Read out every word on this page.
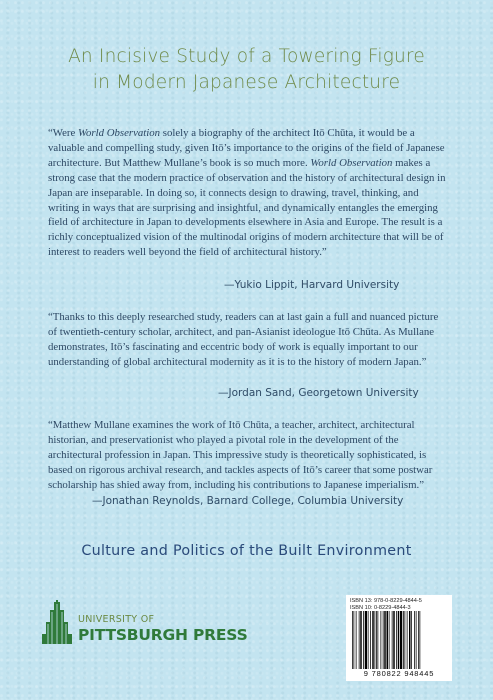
An Incisive Study of a Towering Figure
in Modern Japanese Architecture
“Were World Observation solely a biography of the architect Itō Chūta, it would be a valuable and compelling study, given Itō’s importance to the origins of the field of Japanese architecture. But Matthew Mullane’s book is so much more. World Observation makes a strong case that the modern practice of observation and the history of architectural design in Japan are inseparable. In doing so, it connects design to drawing, travel, thinking, and writing in ways that are surprising and insightful, and dynamically entangles the emerging field of architecture in Japan to developments elsewhere in Asia and Europe. The result is a richly conceptualized vision of the multinodal origins of modern architecture that will be of interest to readers well beyond the field of architectural history.”
—Yukio Lippit, Harvard University
“Thanks to this deeply researched study, readers can at last gain a full and nuanced picture of twentieth-century scholar, architect, and pan-Asianist ideologue Itō Chūta. As Mullane demonstrates, Itō’s fascinating and eccentric body of work is equally important to our understanding of global architectural modernity as it is to the history of modern Japan.”
—Jordan Sand, Georgetown University
“Matthew Mullane examines the work of Itō Chūta, a teacher, architect, architectural historian, and preservationist who played a pivotal role in the development of the architectural profession in Japan. This impressive study is theoretically sophisticated, is based on rigorous archival research, and tackles aspects of Itō’s career that some postwar scholarship has shied away from, including his contributions to Japanese imperialism.”
—Jonathan Reynolds, Barnard College, Columbia University
Culture and Politics of the Built Environment
UNIVERSITY OF
PITTSBURGH PRESS
ISBN 13: 978-0-8229-4844-5
ISBN 10: 0-8229-4844-3
9 780822 948445
